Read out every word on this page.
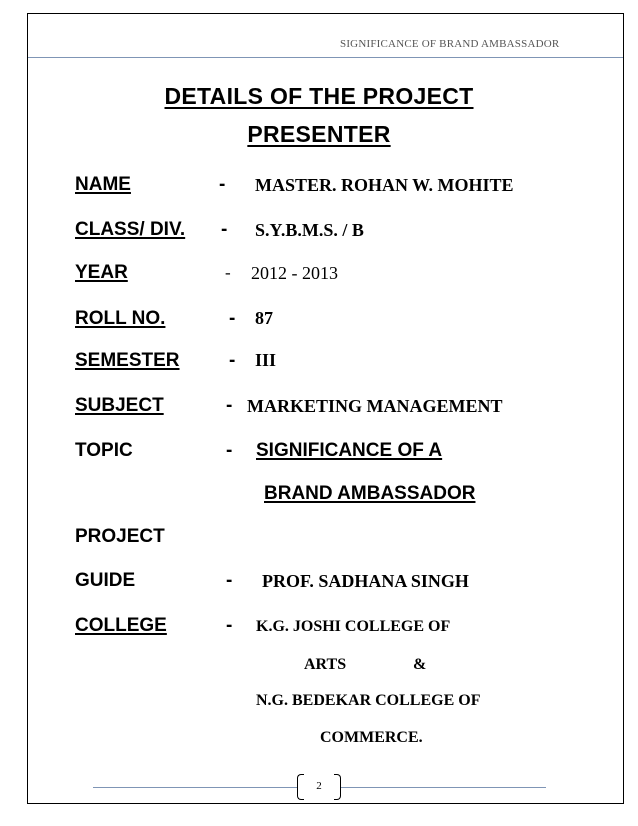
SIGNIFICANCE OF BRAND AMBASSADOR
DETAILS OF THE PROJECT
PRESENTER
NAME	- MASTER. ROHAN W. MOHITE
CLASS/ DIV. - S.Y.B.M.S. / B
YEAR	- 2012 - 2013
ROLL NO.	- 87
SEMESTER	- III
SUBJECT	- MARKETING MANAGEMENT
TOPIC	- SIGNIFICANCE OF A
BRAND AMBASSADOR
PROJECT
GUIDE	- PROF. SADHANA SINGH
COLLEGE	- K.G. JOSHI COLLEGE OF
ARTS	&
N.G. BEDEKAR COLLEGE OF
COMMERCE.
2
